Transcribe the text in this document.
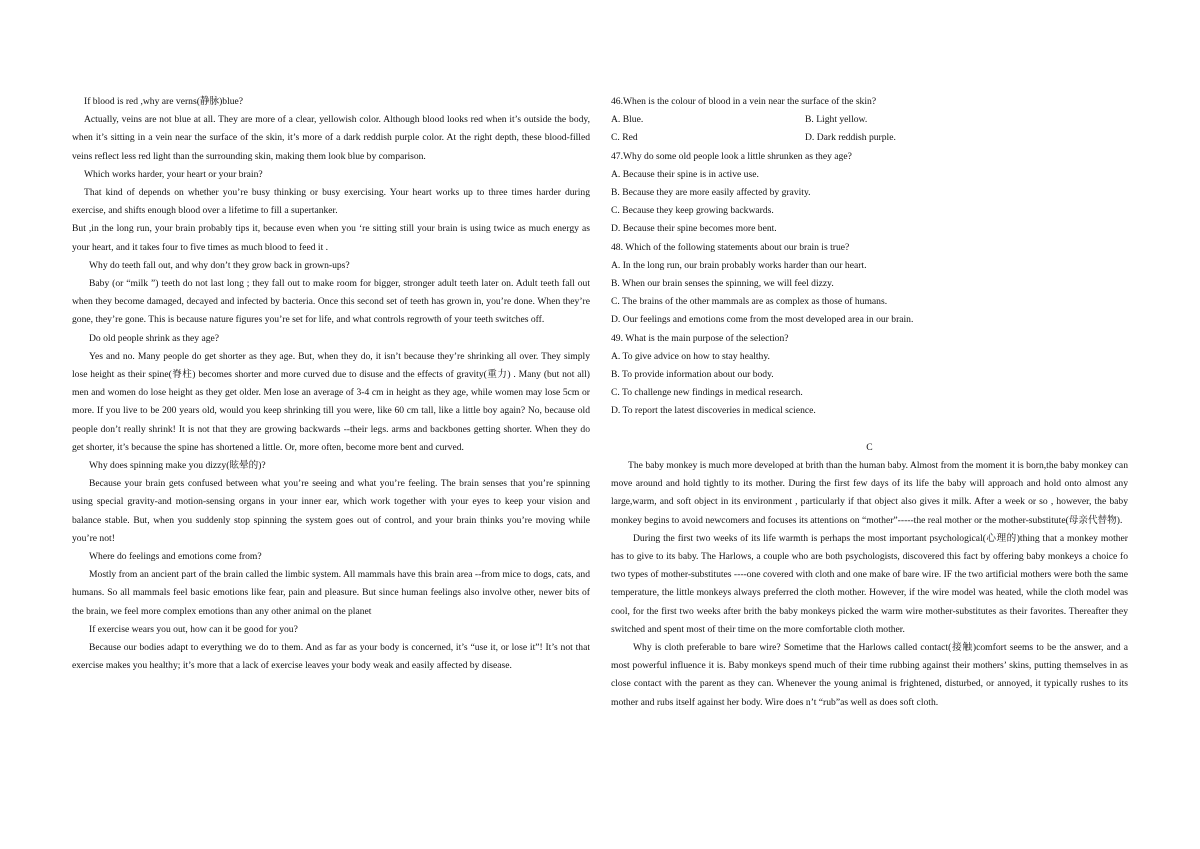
If blood is red ,why are verns(静脉)blue?

Actually, veins are not blue at all. They are more of a clear, yellowish color. Although blood looks red when it’s outside the body, when it’s sitting in a vein near the surface of the skin, it’s more of a dark reddish purple color. At the right depth, these blood-filled veins reflect less red light than the surrounding skin, making them look blue by comparison.

Which works harder, your heart or your brain?

That kind of depends on whether you’re busy thinking or busy exercising. Your heart works up to three times harder during exercise, and shifts enough blood over a lifetime to fill a supertanker.

But ,in the long run, your brain probably tips it, because even when you ‘re sitting still your brain is using twice as much energy as your heart, and it takes four to five times as much blood to feed it .

Why do teeth fall out, and why don’t they grow back in grown-ups?

Baby (or “milk ”) teeth do not last long ; they fall out to make room for bigger, stronger adult teeth later on. Adult teeth fall out when they become damaged, decayed and infected by bacteria. Once this second set of teeth has grown in, you’re done. When they’re gone, they’re gone. This is because nature figures you’re set for life, and what controls regrowth of your teeth switches off.

Do old people shrink as they age?

Yes and no. Many people do get shorter as they age. But, when they do, it isn’t because they’re shrinking all over. They simply lose height as their spine(脊柱) becomes shorter and more curved due to disuse and the effects of gravity(重力) . Many (but not all) men and women do lose height as they get older. Men lose an average of 3-4 cm in height as they age, while women may lose 5cm or more. If you live to be 200 years old, would you keep shrinking till you were, like 60 cm tall, like a little boy again? No, because old people don’t really shrink! It is not that they are growing backwards --their legs. arms and backbones getting shorter. When they do get shorter, it’s because the spine has shortened a little. Or, more often, become more bent and curved.

Why does spinning make you dizzy(眩晕的)?

Because your brain gets confused between what you’re seeing and what you’re feeling. The brain senses that you’re spinning using special gravity-and motion-sensing organs in your inner ear, which work together with your eyes to keep your vision and balance stable. But, when you suddenly stop spinning the system goes out of control, and your brain thinks you’re moving while you’re not!

Where do feelings and emotions come from?

Mostly from an ancient part of the brain called the limbic system. All mammals have this brain area --from mice to dogs, cats, and humans. So all mammals feel basic emotions like fear, pain and pleasure. But since human feelings also involve other, newer bits of the brain, we feel more complex emotions than any other animal on the planet

If exercise wears you out, how can it be good for you?

Because our bodies adapt to everything we do to them. And as far as your body is concerned, it’s “use it, or lose it”! It’s not that exercise makes you healthy; it’s more that a lack of exercise leaves your body weak and easily affected by disease.

46.When is the colour of blood in a vein near the surface of the skin?

A. Blue.	B. Light yellow.
C. Red	D. Dark reddish purple.

47.Why do some old people look a little shrunken as they age?

A. Because their spine is in active use.

B. Because they are more easily affected by gravity.

C. Because they keep growing backwards.

D. Because their spine becomes more bent.

48. Which of the following statements about our brain is true?

A. In the long run, our brain probably works harder than our heart.

B. When our brain senses the spinning, we will feel dizzy.

C. The brains of the other mammals are as complex as those of humans.

D. Our feelings and emotions come from the most developed area in our brain.

49. What is the main purpose of the selection?

A. To give advice on how to stay healthy.

B. To provide information about our body.

C. To challenge new findings in medical research.

D. To report the latest discoveries in medical science.

C

The baby monkey is much more developed at brith than the human baby. Almost from the moment it is born,the baby monkey can move around and hold tightly to its mother. During the first few days of its life the baby will approach and hold onto almost any large,warm, and soft object in its environment , particularly if that object also gives it milk. After a week or so , however, the baby monkey begins to avoid newcomers and focuses its attentions on “mother”-----the real mother or the mother-substitute(母亲代替物).

During the first two weeks of its life warmth is perhaps the most important psychological(心理的)thing that a monkey mother has to give to its baby. The Harlows, a couple who are both psychologists, discovered this fact by offering baby monkeys a choice fo two types of mother-substitutes ----one covered with cloth and one make of bare wire. IF the two artificial mothers were both the same temperature, the little monkeys always preferred the cloth mother. However, if the wire model was heated, while the cloth model was cool, for the first two weeks after brith the baby monkeys picked the warm wire mother-substitutes as their favorites. Thereafter they switched and spent most of their time on the more comfortable cloth mother.

Why is cloth preferable to bare wire? Sometime that the Harlows called contact(接触)comfort seems to be the answer, and a most powerful influence it is. Baby monkeys spend much of their time rubbing against their mothers’ skins, putting themselves in as close contact with the parent as they can. Whenever the young animal is frightened, disturbed, or annoyed, it typically rushes to its mother and rubs itself against her body. Wire does n’t “rub”as well as does soft cloth.
